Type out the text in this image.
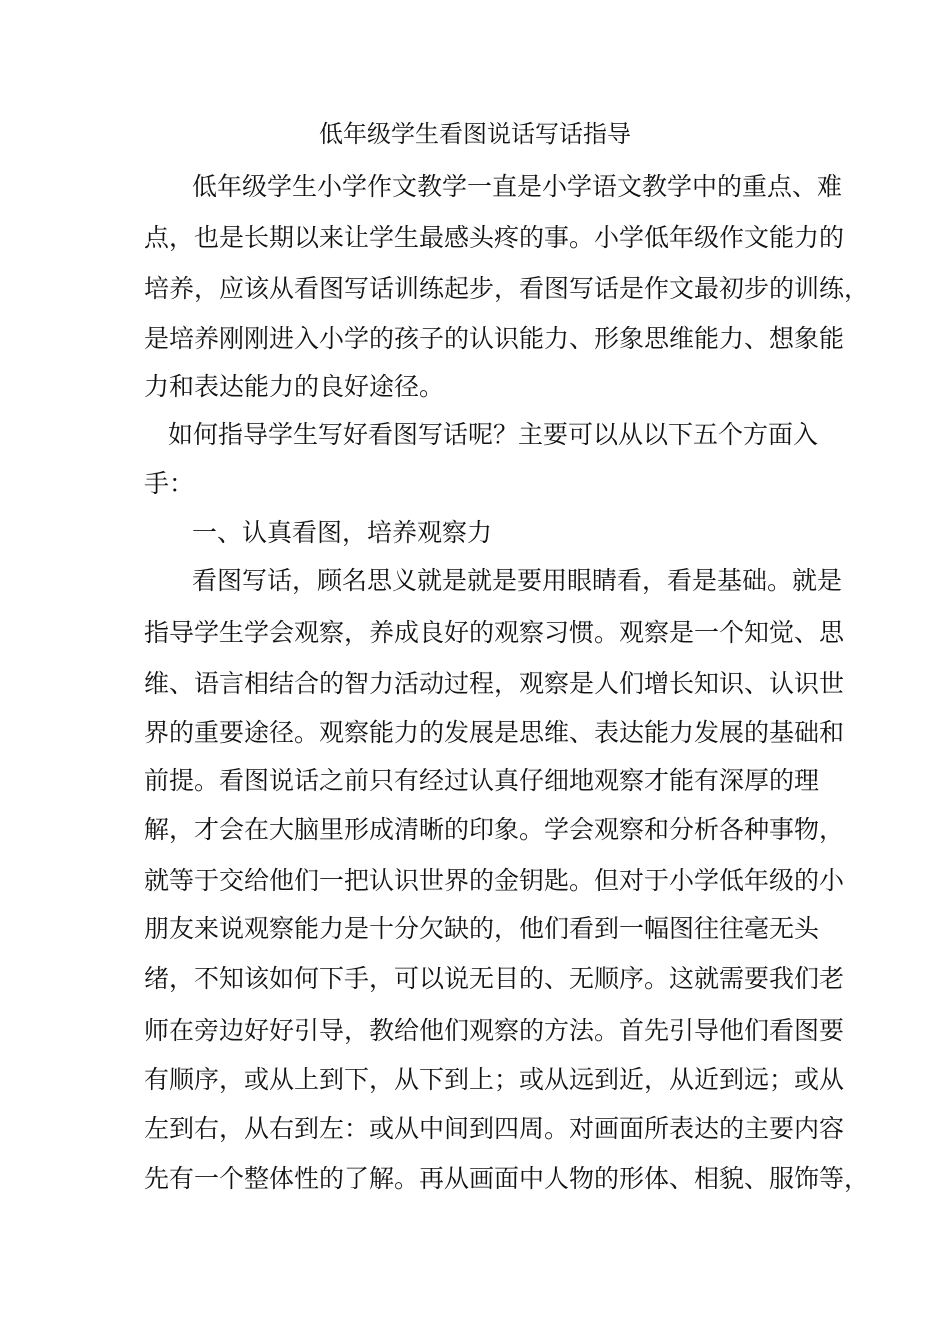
低年级学生看图说话写话指导
低年级学生小学作文教学一直是小学语文教学中的重点、难
点，也是长期以来让学生最感头疼的事。小学低年级作文能力的
培养，应该从看图写话训练起步，看图写话是作文最初步的训练，
是培养刚刚进入小学的孩子的认识能力、形象思维能力、想象能
力和表达能力的良好途径。
如何指导学生写好看图写话呢？主要可以从以下五个方面入
手：
一、认真看图，培养观察力
看图写话，顾名思义就是就是要用眼睛看，看是基础。就是
指导学生学会观察，养成良好的观察习惯。观察是一个知觉、思
维、语言相结合的智力活动过程，观察是人们增长知识、认识世
界的重要途径。观察能力的发展是思维、表达能力发展的基础和
前提。看图说话之前只有经过认真仔细地观察才能有深厚的理
解，才会在大脑里形成清晰的印象。学会观察和分析各种事物，
就等于交给他们一把认识世界的金钥匙。但对于小学低年级的小
朋友来说观察能力是十分欠缺的，他们看到一幅图往往毫无头
绪，不知该如何下手，可以说无目的、无顺序。这就需要我们老
师在旁边好好引导，教给他们观察的方法。首先引导他们看图要
有顺序，或从上到下，从下到上；或从远到近，从近到远；或从
左到右，从右到左：或从中间到四周。对画面所表达的主要内容
先有一个整体性的了解。再从画面中人物的形体、相貌、服饰等，
